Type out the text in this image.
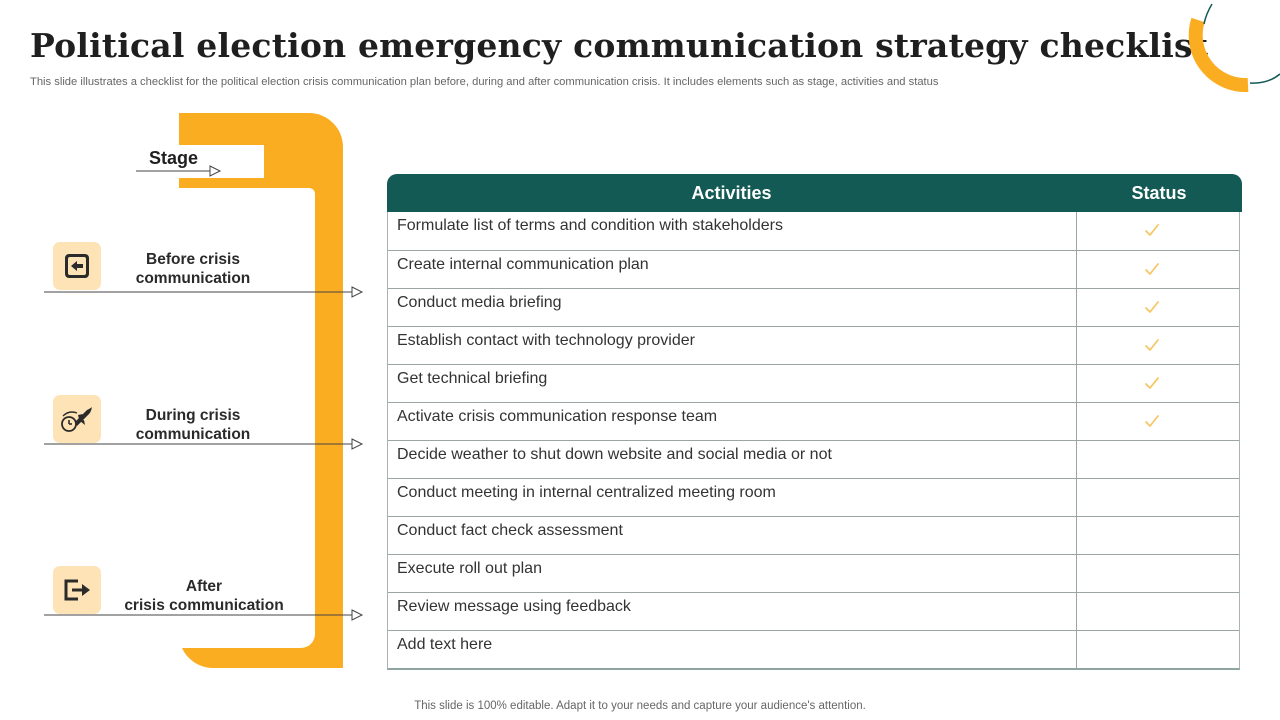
Political election emergency communication strategy checklist

This slide illustrates a checklist for the political election crisis communication plan before, during and after communication crisis. It includes elements such as stage, activities and status

Stage
Before crisis
communication
During crisis
communication
After
crisis communication
Activities	Status
Formulate list of terms and condition with stakeholders
Create internal communication plan
Conduct media briefing
Establish contact with technology provider
Get technical briefing
Activate crisis communication response team
Decide weather to shut down website and social media or not
Conduct meeting in internal centralized meeting room
Conduct fact check assessment
Execute roll out plan
Review message using feedback
Add text here
This slide is 100% editable. Adapt it to your needs and capture your audience's attention.
